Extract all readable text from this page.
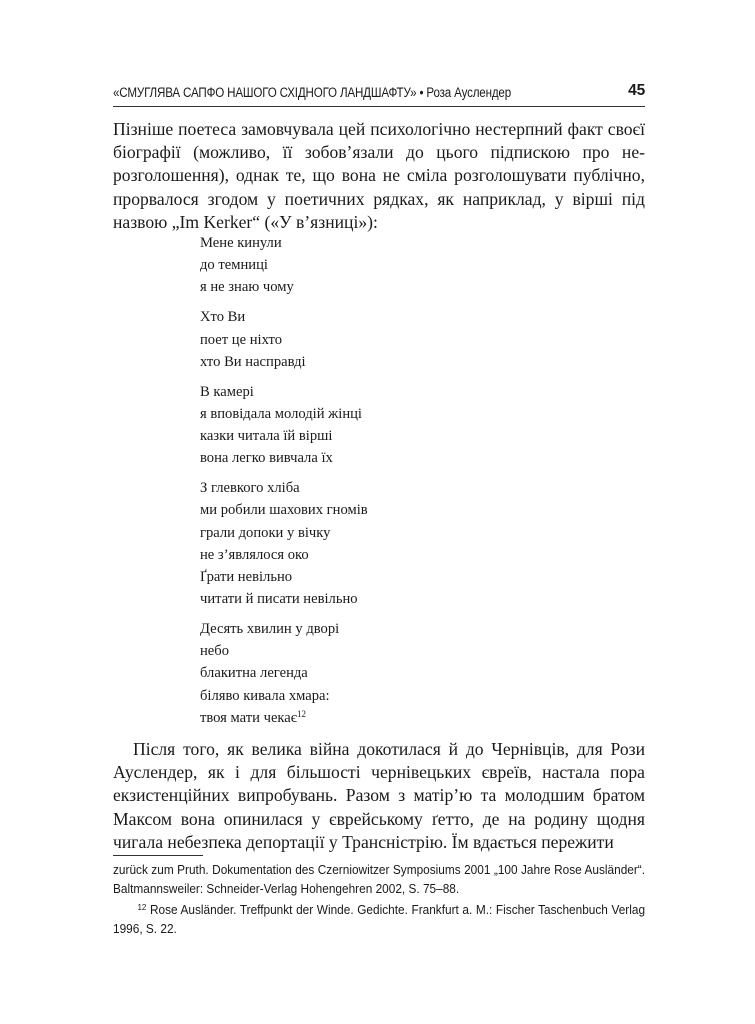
«СМУГЛЯВА САПФО НАШОГО СХІДНОГО ЛАНДШАФТУ» • Роза Ауслендер	45
Пізніше поетеса замовчувала цей психологічно нестерпний факт своєї біографії (можливо, її зобов’язали до цього підпискою про нерозголошення), однак те, що вона не сміла розголошувати публічно, прорвалося згодом у поетичних рядках, як наприклад, у вірші під назвою „Im Kerker“ («У в’язниці»):
Мене кинули
до темниці
я не знаю чому
Хто Ви
поет це ніхто
хто Ви насправді
В камері
я вповідала молодій жінці
казки читала їй вірші
вона легко вивчала їх
З глевкого хліба
ми робили шахових гномів
грали допоки у вічку
не з’являлося око
Ґрати невільно
читати й писати невільно
Десять хвилин у дворі
небо
блакитна легенда
біляво кивала хмара:
твоя мати чекає$^{12}$
Після того, як велика війна докотилася й до Чернівців, для Рози Ауслендер, як і для більшості чернівецьких євреїв, настала пора екзистенційних випробувань. Разом з матір’ю та молодшим братом Максом вона опинилася у єврейському ґетто, де на родину щодня чигала небезпека депортації у Трансністрію. Їм вдається пережити

zurück zum Pruth. Dokumentation des Czerniowitzer Symposiums 2001 „100 Jahre Rose Ausländer“. Baltmannsweiler: Schneider-Verlag Hohengehren 2002, S. 75–88.

$^{12}$ Rose Ausländer. Treffpunkt der Winde. Gedichte. Frankfurt a. M.: Fischer Taschenbuch Verlag 1996, S. 22.
